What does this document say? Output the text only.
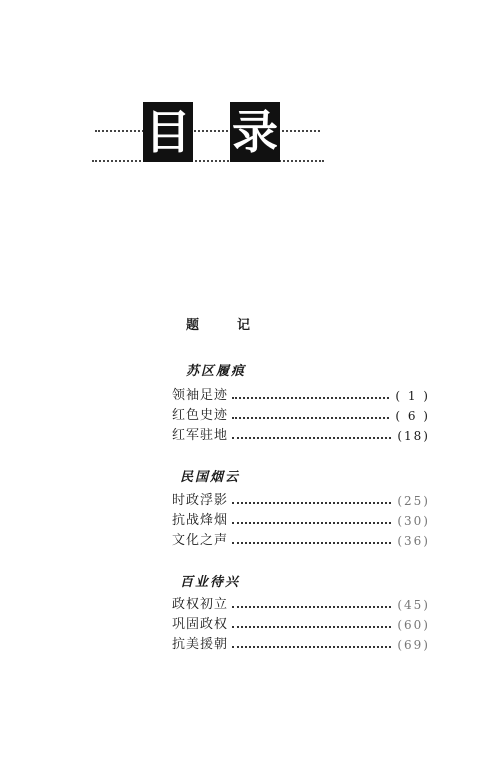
目 录
题	记
苏区履痕
领袖足迹	( 1 )
红色史迹	( 6 )
红军驻地	(18)
民国烟云
时政浮影	(25)
抗战烽烟	(30)
文化之声	(36)
百业待兴
政权初立	(45)
巩固政权	(60)
抗美援朝	(69)
